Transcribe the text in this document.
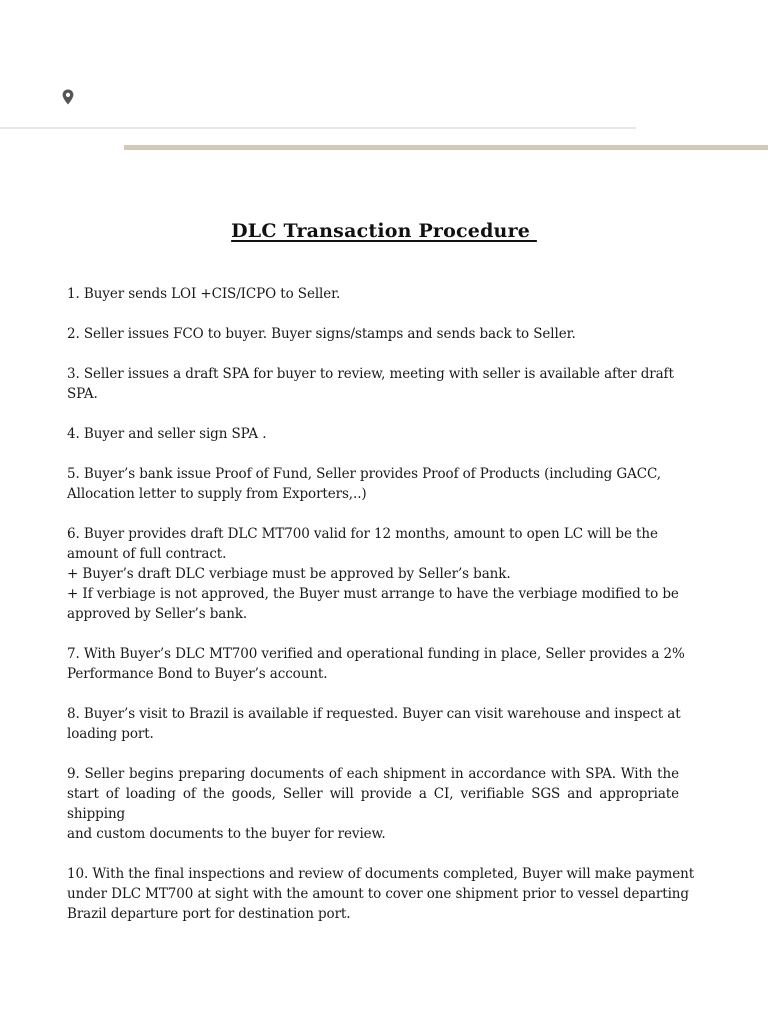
DLC Transaction Procedure
1. Buyer sends LOI +CIS/ICPO to Seller.
2. Seller issues FCO to buyer. Buyer signs/stamps and sends back to Seller.
3. Seller issues a draft SPA for buyer to review, meeting with seller is available after draft
SPA.
4. Buyer and seller sign SPA .
5. Buyer’s bank issue Proof of Fund, Seller provides Proof of Products (including GACC,
Allocation letter to supply from Exporters,..)
6. Buyer provides draft DLC MT700 valid for 12 months, amount to open LC will be the
amount of full contract.
+ Buyer’s draft DLC verbiage must be approved by Seller’s bank.
+ If verbiage is not approved, the Buyer must arrange to have the verbiage modified to be
approved by Seller’s bank.
7. With Buyer’s DLC MT700 verified and operational funding in place, Seller provides a 2%
Performance Bond to Buyer’s account.
8. Buyer’s visit to Brazil is available if requested. Buyer can visit warehouse and inspect at
loading port.
9. Seller begins preparing documents of each shipment in accordance with SPA. With the
start of loading of the goods, Seller will provide a CI, verifiable SGS and appropriate shipping
and custom documents to the buyer for review.
10. With the final inspections and review of documents completed, Buyer will make payment
under DLC MT700 at sight with the amount to cover one shipment prior to vessel departing
Brazil departure port for destination port.
